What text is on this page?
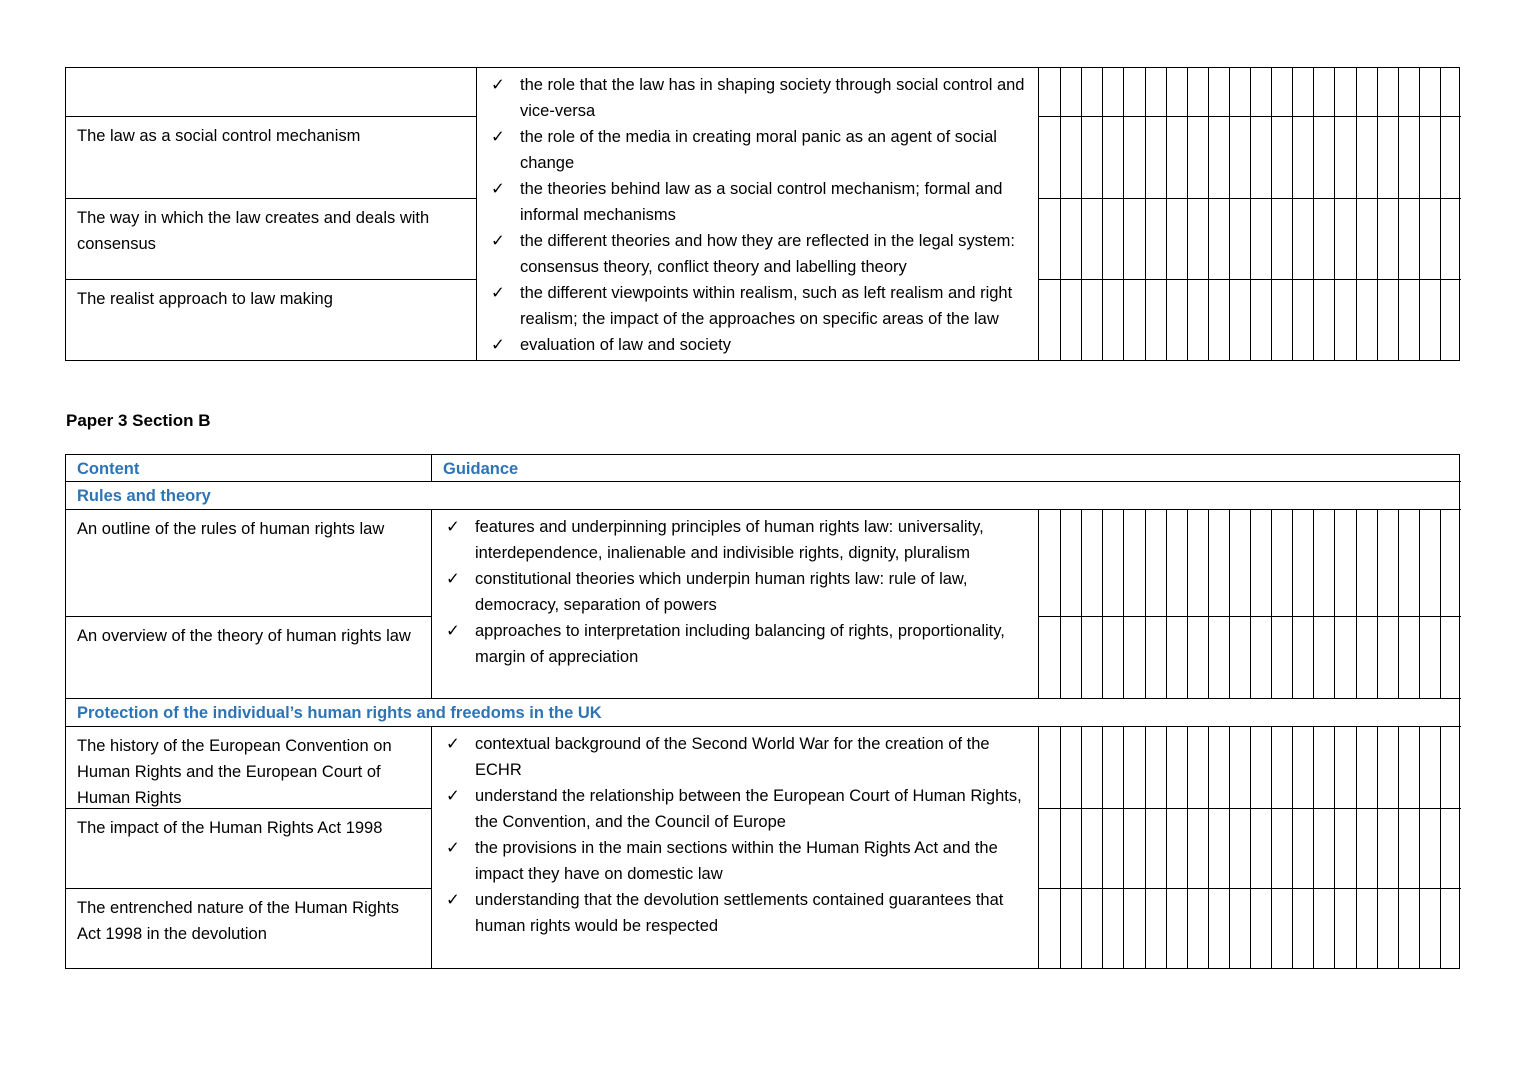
The law as a social control mechanism
The way in which the law creates and deals with consensus
The realist approach to law making
✓ the role that the law has in shaping society through social control and vice-versa
✓ the role of the media in creating moral panic as an agent of social change
✓ the theories behind law as a social control mechanism; formal and informal mechanisms
✓ the different theories and how they are reflected in the legal system: consensus theory, conflict theory and labelling theory
✓ the different viewpoints within realism, such as left realism and right realism; the impact of the approaches on specific areas of the law
✓ evaluation of law and society
Paper 3 Section B
Content	Guidance
Rules and theory
An outline of the rules of human rights law
An overview of the theory of human rights law
✓ features and underpinning principles of human rights law: universality, interdependence, inalienable and indivisible rights, dignity, pluralism
✓ constitutional theories which underpin human rights law: rule of law, democracy, separation of powers
✓ approaches to interpretation including balancing of rights, proportionality, margin of appreciation
Protection of the individual’s human rights and freedoms in the UK
The history of the European Convention on Human Rights and the European Court of Human Rights
The impact of the Human Rights Act 1998
The entrenched nature of the Human Rights Act 1998 in the devolution
✓ contextual background of the Second World War for the creation of the ECHR
✓ understand the relationship between the European Court of Human Rights, the Convention, and the Council of Europe
✓ the provisions in the main sections within the Human Rights Act and the impact they have on domestic law
✓ understanding that the devolution settlements contained guarantees that human rights would be respected
